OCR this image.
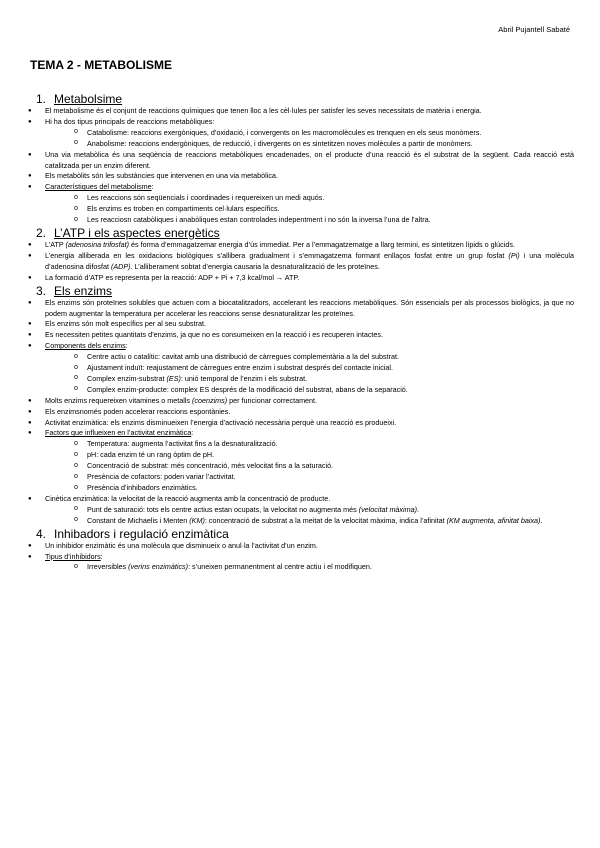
Abril Pujantell Sabaté
TEMA 2 - METABOLISME
1. Metabolsime
● El metabolisme és el conjunt de reaccions químiques que tenen lloc a les cèl·lules per satisfer les seves necessitats de matèria i energia.
● Hi ha dos tipus principals de reaccions metabòliques:
o Catabolisme: reaccions exergòniques, d’oxidació, i convergents on les macromolècules es trenquen en els seus monòmers.
o Anabolisme: reaccions endergòniques, de reducció, i divergents on es sintetitzen noves molècules a partir de monòmers.
● Una via metabòlica és una seqüència de reaccions metabòliques encadenades, on el producte d’una reacció és el substrat de la següent. Cada reacció està catalitzada per un enzim diferent.
● Els metabòlits són les substàncies que intervenen en una via metabòlica.
● Característiques del metabolisme:
o Les reaccions són seqüencials i coordinades i requereixen un medi aquós.
o Els enzims es troben en compartiments cel·lulars específics.
o Les reacciosn catabòliques i anabòliques estan controlades indepentment i no són la inversa l’una de l’altra.
2. L’ATP i els aspectes energètics
● L’ATP (adenosina trifosfat) és forma d’emmagatzemar energia d’ús immediat. Per a l’emmagatzematge a llarg termini, es sintetitzen lípids o glúcids.
● L’energia alliberada en les oxidacions biològiques s’allibera gradualment i s’emmagatzema formant enllaços fosfat entre un grup fosfat (Pi) i una molècula d’adenosina difosfat (ADP). L’alliberament sobtat d’energia causaria la desnaturalització de les proteïnes.
● La formació d’ATP es representa per la reacció: ADP + Pi + 7,3 kcal/mol → ATP.
3. Els enzims
● Els enzims són proteïnes solubles que actuen com a biocatalitzadors, accelerant les reaccions metabòliques. Són essencials per als processos biològics, ja que no podem augmentar la temperatura per accelerar les reaccions sense desnaturalitzar les proteïnes.
● Els enzims són molt específics per al seu substrat.
● Es necessiten petites quantitats d’enzims, ja que no es consumeixen en la reacció i es recuperen intactes.
● Components dels enzims:
o Centre actiu o catalític: cavitat amb una distribució de càrregues complementària a la del substrat.
o Ajustament induït: reajustament de càrregues entre enzim i substrat després del contacte inicial.
o Complex enzim-substrat (ES): unió temporal de l’enzim i els substrat.
o Complex enzim-producte: complex ES després de la modificació del substrat, abans de la separació.
● Molts enzims requereixen vitamines o metalls (coenzims) per funcionar correctament.
● Els enzimsnomés poden accelerar reaccions espontànies.
● Activitat enzimàtica: els enzims disminueixen l’energia d’activació necessària perquè una reacció es produeixi.
● Factors que influeixen en l’activitat enzimàtica:
o Temperatura: augmenta l’activitat fins a la desnaturalització.
o pH: cada enzim té un rang òptim de pH.
o Concentració de substrat: més concentració, més velocitat fins a la saturació.
o Presència de cofactors: poden variar l’activitat.
o Presència d’inhibadors enzimàtics.
● Cinètica enzimàtica: la velocitat de la reacció augmenta amb la concentració de producte.
o Punt de saturació: tots els centre actius estan ocupats, la velocitat no augmenta més (velocitat màxima).
o Constant de Michaelis i Menten (KM): concentració de substrat a la meitat de la velocitat màxima, indica l’afinitat (KM augmenta, afinitat baixa).
4. Inhibadors i regulació enzimàtica
● Un inhibidor enzimàtic és una molècula que disminueix o anul·la l’activitat d’un enzim.
● Tipus d’inhibidors:
o Irreversibles (verins enzimàtics): s’uneixen permanentment al centre actiu i el modifiquen.
